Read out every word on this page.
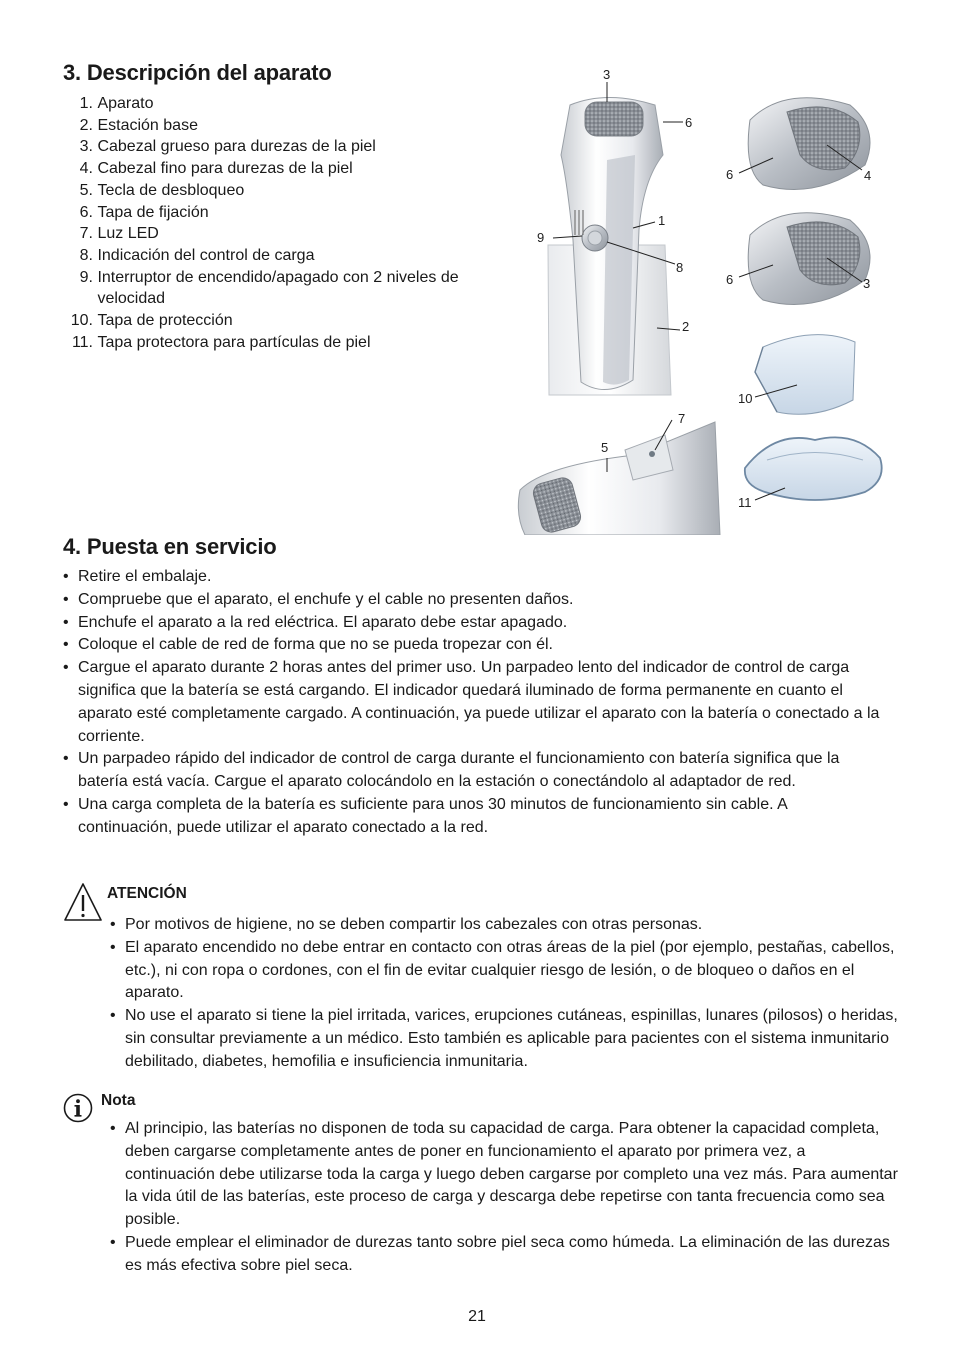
3. Descripción del aparato
1.
Aparato
2.
Estación base
3.
Cabezal grueso para durezas de la piel
4.
Cabezal fino para durezas de la piel
5.
Tecla de desbloqueo
6.
Tapa de fijación
7.
Luz LED
8.
Indicación del control de carga
9.
Interruptor de encendido/apagado con 2 niveles de velocidad
10.
Tapa de protección
11.
Tapa protectora para partículas de piel
3
6
1
9
8
2
7
5
6	4
6	3
10
11
4. Puesta en servicio
• Retire el embalaje.
• Compruebe que el aparato, el enchufe y el cable no presenten daños.
• Enchufe el aparato a la red eléctrica. El aparato debe estar apagado.
• Coloque el cable de red de forma que no se pueda tropezar con él.
• Cargue el aparato durante 2 horas antes del primer uso. Un parpadeo lento del indicador de control de carga significa que la batería se está cargando. El indicador quedará iluminado de forma permanente en cuanto el aparato esté completamente cargado. A continuación, ya puede utilizar el aparato con la batería o conectado a la corriente.
• Un parpadeo rápido del indicador de control de carga durante el funcionamiento con batería significa que la batería está vacía. Cargue el aparato colocándolo en la estación o conectándolo al adaptador de red.
• Una carga completa de la batería es suficiente para unos 30 minutos de funcionamiento sin cable. A continuación, puede utilizar el aparato conectado a la red.
ATENCIÓN
• Por motivos de higiene, no se deben compartir los cabezales con otras personas.
• El aparato encendido no debe entrar en contacto con otras áreas de la piel (por ejemplo, pestañas, cabellos, etc.), ni con ropa o cordones, con el fin de evitar cualquier riesgo de lesión, o de bloqueo o daños en el aparato.
• No use el aparato si tiene la piel irritada, varices, erupciones cutáneas, espinillas, lunares (pilosos) o heridas, sin consultar previamente a un médico. Esto también es aplicable para pacientes con el sistema inmunitario debilitado, diabetes, hemofilia e insuficiencia inmunitaria.
Nota
• Al principio, las baterías no disponen de toda su capacidad de carga. Para obtener la capacidad completa, deben cargarse completamente antes de poner en funcionamiento el aparato por primera vez, a continuación debe utilizarse toda la carga y luego deben cargarse por completo una vez más. Para aumentar la vida útil de las baterías, este proceso de carga y descarga debe repetirse con tanta frecuencia como sea posible.
• Puede emplear el eliminador de durezas tanto sobre piel seca como húmeda. La eliminación de las durezas es más efectiva sobre piel seca.
21
